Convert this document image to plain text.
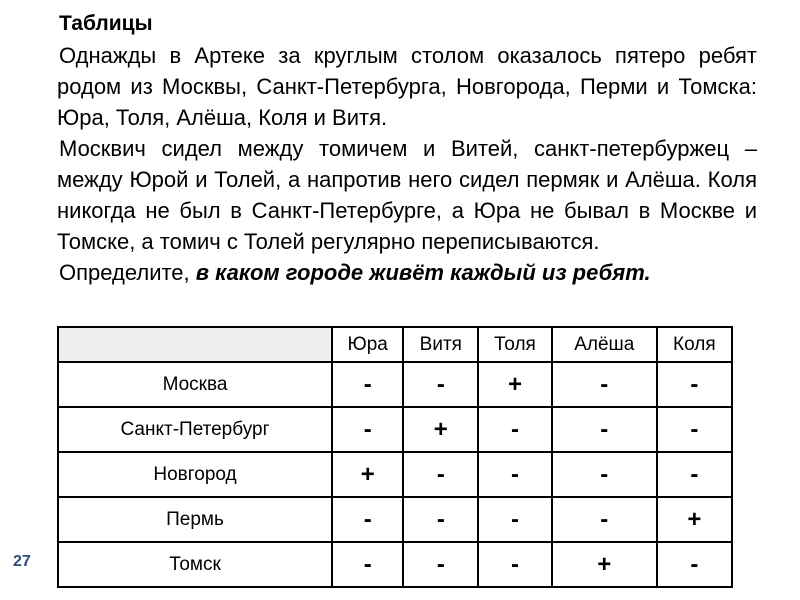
Таблицы

Однажды в Артеке за круглым столом оказалось пятеро ребят родом из Москвы, Санкт-Петербурга, Новгорода, Перми и Томска: Юра, Толя, Алёша, Коля и Витя.

Москвич сидел между томичем и Витей, санкт-петербуржец – между Юрой и Толей, а напротив него сидел пермяк и Алёша. Коля никогда не был в Санкт-Петербурге, а Юра не бывал в Москве и Томске, а томич с Толей регулярно переписываются.

Определите, в каком городе живёт каждый из ребят.

	Юра	Витя	Толя	Алёша	Коля
Москва	-	-	+	-	-
Санкт-Петербург	-	+	-	-	-
Новгород	+	-	-	-	-
Пермь	-	-	-	-	+
Томск	-	-	-	+	-
27
